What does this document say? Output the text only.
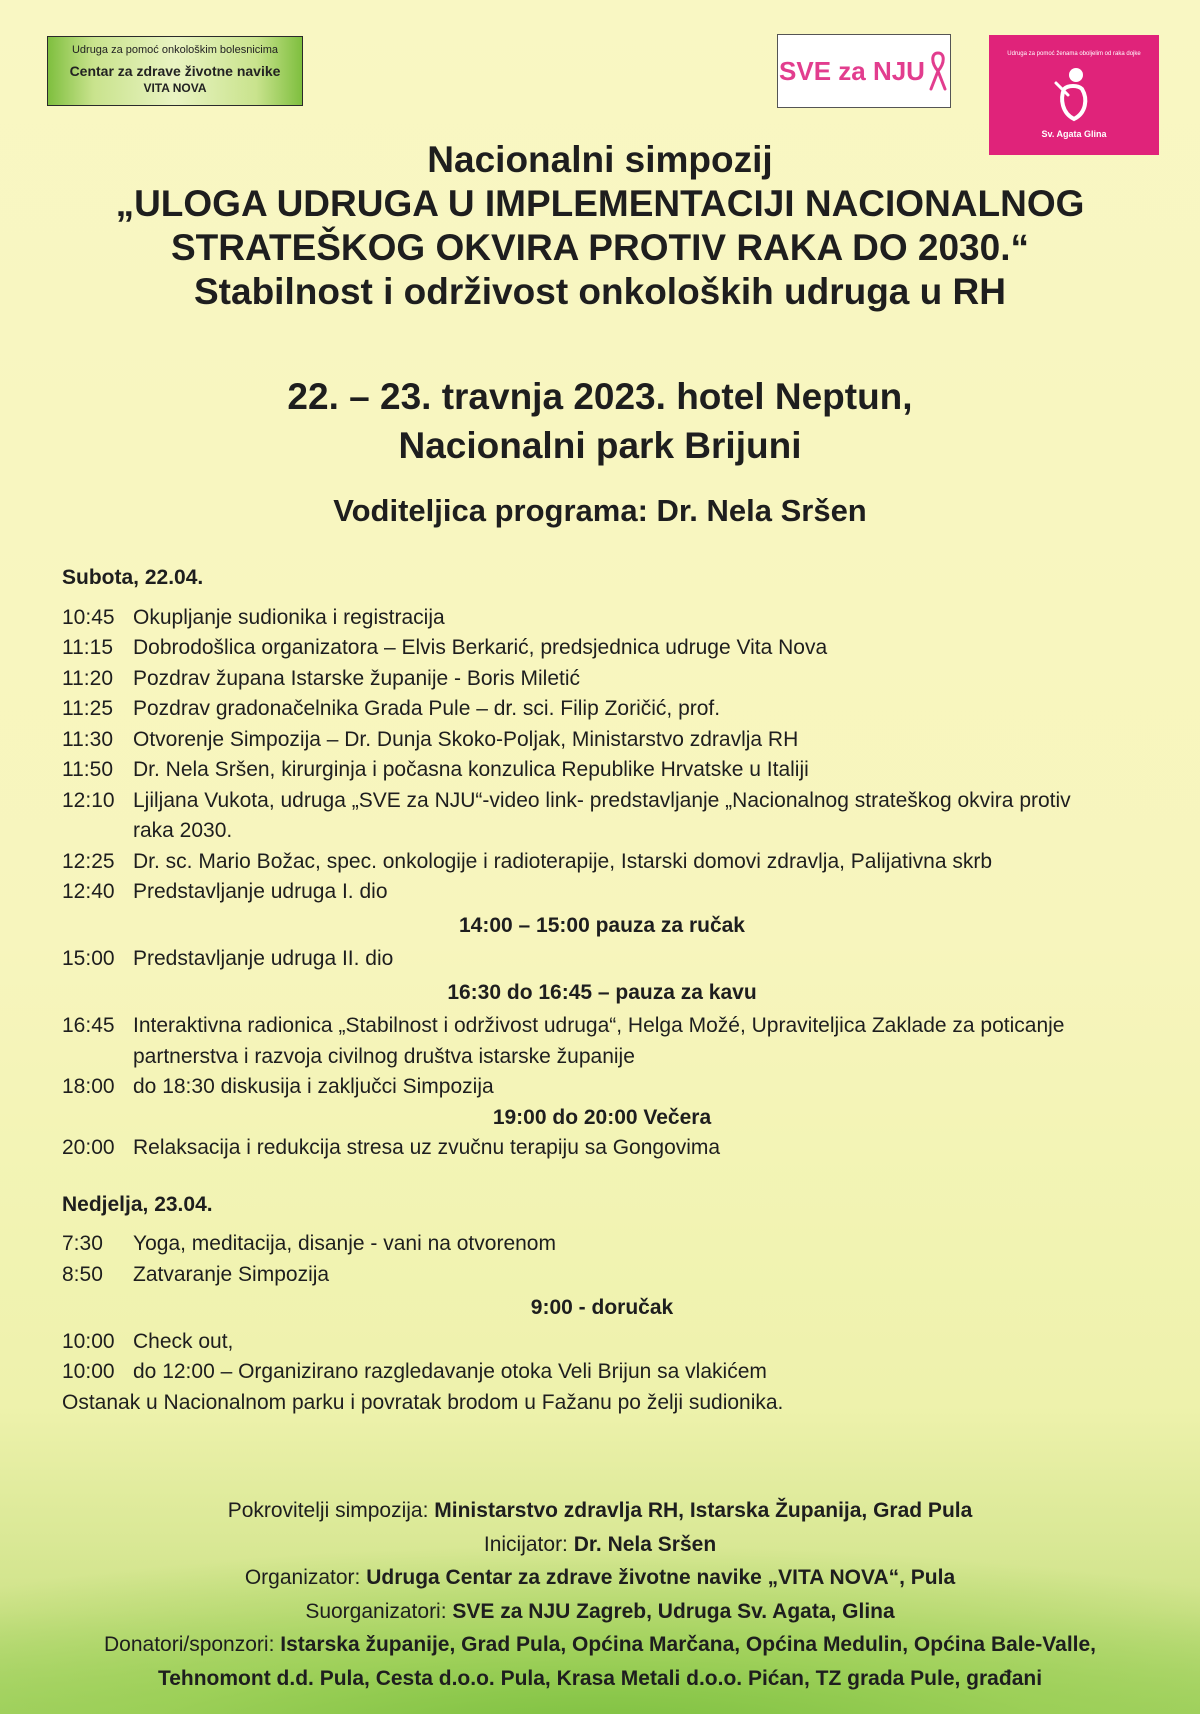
Udruga za pomoć onkološkim bolesnicima
Centar za zdrave životne navike
VITA NOVA
SVE za NJU
Udruga za pomoć ženama oboljelim od raka dojke
Sv. Agata Glina
Nacionalni simpozij
„ULOGA UDRUGA U IMPLEMENTACIJI NACIONALNOG
STRATEŠKOG OKVIRA PROTIV RAKA DO 2030.“
Stabilnost i održivost onkoloških udruga u RH
22. – 23. travnja 2023. hotel Neptun,
Nacionalni park Brijuni
Voditeljica programa: Dr. Nela Sršen
Subota, 22.04.
10:45 Okupljanje sudionika i registracija
11:15 Dobrodošlica organizatora – Elvis Berkarić, predsjednica udruge Vita Nova
11:20 Pozdrav župana Istarske županije - Boris Miletić
11:25 Pozdrav gradonačelnika Grada Pule – dr. sci. Filip Zoričić, prof.
11:30 Otvorenje Simpozija – Dr. Dunja Skoko-Poljak, Ministarstvo zdravlja RH
11:50 Dr. Nela Sršen, kirurginja i počasna konzulica Republike Hrvatske u Italiji
12:10 Ljiljana Vukota, udruga „SVE za NJU“-video link- predstavljanje „Nacionalnog strateškog okvira protiv raka 2030.
12:25 Dr. sc. Mario Božac, spec. onkologije i radioterapije, Istarski domovi zdravlja, Palijativna skrb
12:40 Predstavljanje udruga I. dio
14:00 – 15:00 pauza za ručak
15:00 Predstavljanje udruga II. dio
16:30 do 16:45 – pauza za kavu
16:45 Interaktivna radionica „Stabilnost i održivost udruga“, Helga Možé, Upraviteljica Zaklade za poticanje partnerstva i razvoja civilnog društva istarske županije
18:00 do 18:30 diskusija i zaključci Simpozija
19:00 do 20:00 Večera
20:00 Relaksacija i redukcija stresa uz zvučnu terapiju sa Gongovima
Nedjelja, 23.04.
7:30	Yoga, meditacija, disanje - vani na otvorenom
8:50	Zatvaranje Simpozija
9:00 - doručak
10:00 Check out,
10:00 do 12:00 – Organizirano razgledavanje otoka Veli Brijun sa vlakićem
Ostanak u Nacionalnom parku i povratak brodom u Fažanu po želji sudionika.
Pokrovitelji simpozija: Ministarstvo zdravlja RH, Istarska Županija, Grad Pula
Inicijator: Dr. Nela Sršen
Organizator: Udruga Centar za zdrave životne navike „VITA NOVA“, Pula
Suorganizatori: SVE za NJU Zagreb, Udruga Sv. Agata, Glina
Donatori/sponzori: Istarska županije, Grad Pula, Općina Marčana, Općina Medulin, Općina Bale-Valle,
Tehnomont d.d. Pula, Cesta d.o.o. Pula, Krasa Metali d.o.o. Pićan, TZ grada Pule, građani
